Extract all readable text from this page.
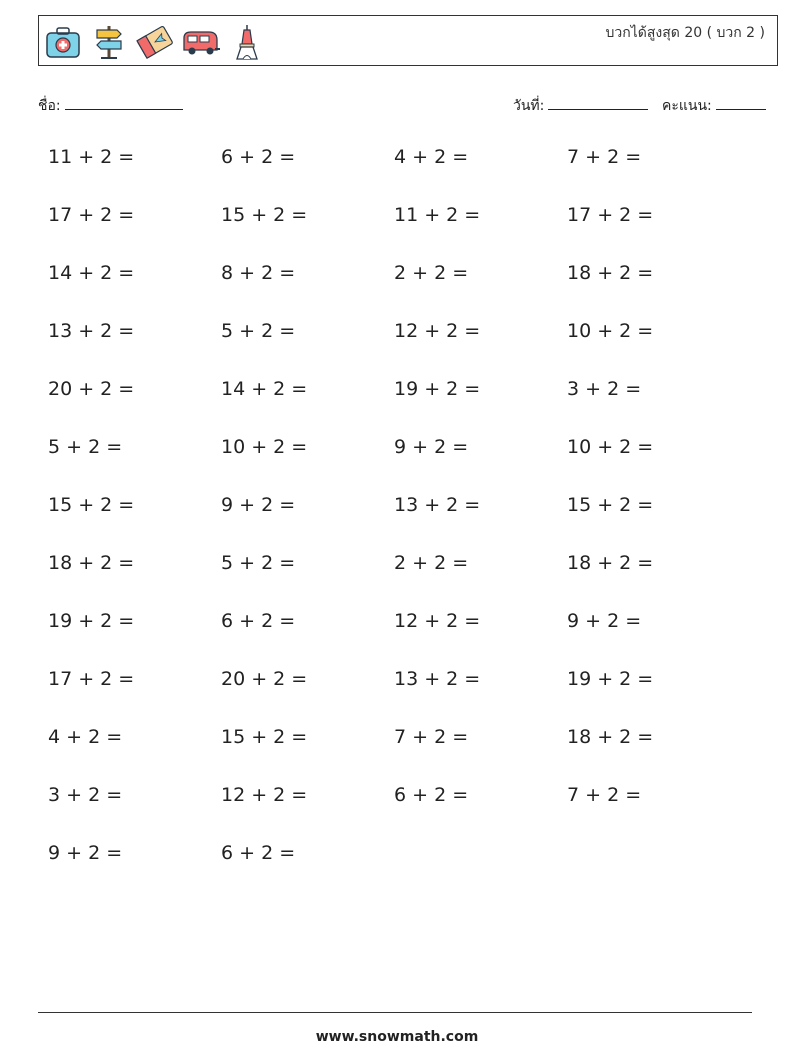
บวกได้สูงสุด 20 ( บวก 2 )
ชื่อ:	วันที่:	คะแนน:
11 + 2 =	6 + 2 =	4 + 2 =	7 + 2 =
17 + 2 =	15 + 2 =	11 + 2 =	17 + 2 =
14 + 2 =	8 + 2 =	2 + 2 =	18 + 2 =
13 + 2 =	5 + 2 =	12 + 2 =	10 + 2 =
20 + 2 =	14 + 2 =	19 + 2 =	3 + 2 =
5 + 2 =	10 + 2 =	9 + 2 =	10 + 2 =
15 + 2 =	9 + 2 =	13 + 2 =	15 + 2 =
18 + 2 =	5 + 2 =	2 + 2 =	18 + 2 =
19 + 2 =	6 + 2 =	12 + 2 =	9 + 2 =
17 + 2 =	20 + 2 =	13 + 2 =	19 + 2 =
4 + 2 =	15 + 2 =	7 + 2 =	18 + 2 =
3 + 2 =	12 + 2 =	6 + 2 =	7 + 2 =
9 + 2 =	6 + 2 =
www.snowmath.com
